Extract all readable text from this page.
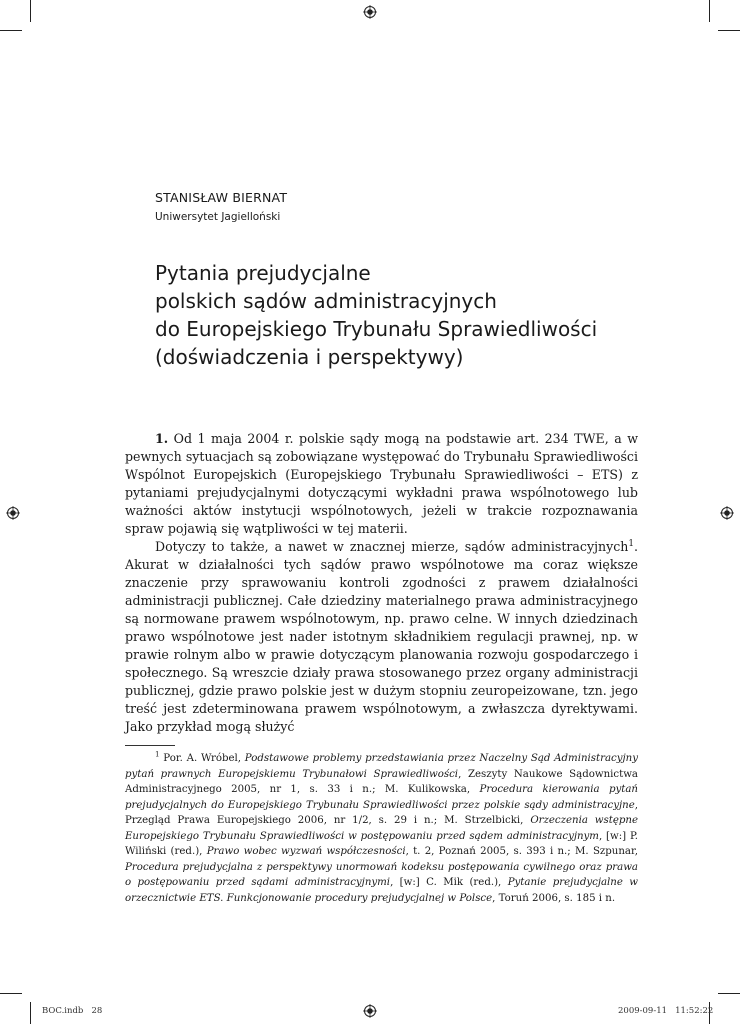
STANISŁAW BIERNAT
Uniwersytet Jagielloński
Pytania prejudycjalne
polskich sądów administracyjnych
do Europejskiego Trybunału Sprawiedliwości
(doświadczenia i perspektywy)

1. Od 1 maja 2004 r. polskie sądy mogą na podstawie art. 234 TWE, a w pewnych sytuacjach są zobowiązane występować do Trybunału Sprawiedliwości Wspólnot Europejskich (Europejskiego Trybunału Sprawiedliwości – ETS) z pytaniami prejudycjalnymi dotyczącymi wykładni prawa wspólnotowego lub ważności aktów instytucji wspólnotowych, jeżeli w trakcie rozpoznawania spraw pojawią się wątpliwości w tej materii.

Dotyczy to także, a nawet w znacznej mierze, sądów administracyjnych$^1$. Akurat w działalności tych sądów prawo wspólnotowe ma coraz większe znaczenie przy sprawowaniu kontroli zgodności z prawem działalności administracji publicznej. Całe dziedziny materialnego prawa administracyjnego są normowane prawem wspólnotowym, np. prawo celne. W innych dziedzinach prawo wspólnotowe jest nader istotnym składnikiem regulacji prawnej, np. w prawie rolnym albo w prawie dotyczącym planowania rozwoju gospodarczego i społecznego. Są wreszcie działy prawa stosowanego przez organy administracji publicznej, gdzie prawo polskie jest w dużym stopniu zeuropeizowane, tzn. jego treść jest zdeterminowana prawem wspólnotowym, a zwłaszcza dyrektywami. Jako przykład mogą służyć

$^1$ Por. A. Wróbel, Podstawowe problemy przedstawiania przez Naczelny Sąd Administracyjny pytań prawnych Europejskiemu Trybunałowi Sprawiedliwości, Zeszyty Naukowe Sądownictwa Administracyjnego 2005, nr 1, s. 33 i n.; M. Kulikowska, Procedura kierowania pytań prejudycjalnych do Europejskiego Trybunału Sprawiedliwości przez polskie sądy administracyjne, Przegląd Prawa Europejskiego 2006, nr 1/2, s. 29 i n.; M. Strzelbicki, Orzeczenia wstępne Europejskiego Trybunału Sprawiedliwości w postępowaniu przed sądem administracyjnym, [w:] P. Wiliński (red.), Prawo wobec wyzwań współczesności, t. 2, Poznań 2005, s. 393 i n.; M. Szpunar, Procedura prejudycjalna z perspektywy unormowań kodeksu postępowania cywilnego oraz prawa o postępowaniu przed sądami administracyjnymi, [w:] C. Mik (red.), Pytanie prejudycjalne w orzecznictwie ETS. Funkcjonowanie procedury prejudycjalnej w Polsce, Toruń 2006, s. 185 i n.

BOC.indb   28	2009-09-11   11:52:22
